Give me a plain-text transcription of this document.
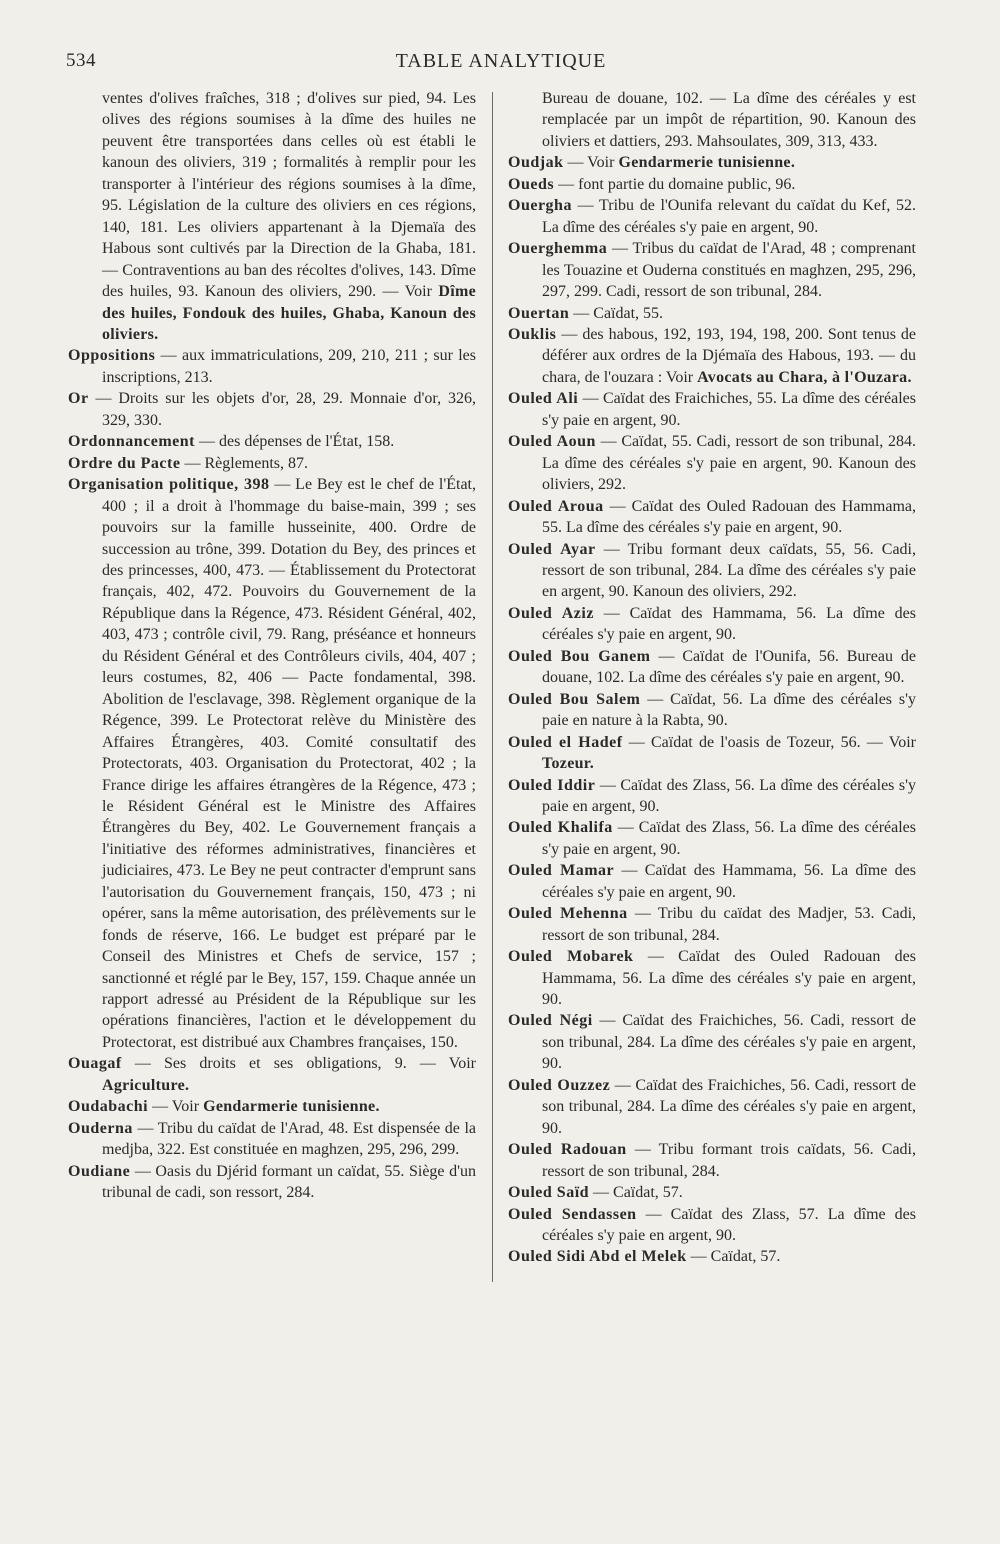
534	TABLE ANALYTIQUE

ventes d'olives fraîches, 318 ; d'olives sur pied, 94. Les olives des régions soumises à la dîme des huiles ne peuvent être transportées dans celles où est établi le kanoun des oliviers, 319 ; formalités à remplir pour les transporter à l'intérieur des régions soumises à la dîme, 95. Législation de la culture des oliviers en ces régions, 140, 181. Les oliviers appartenant à la Djemaïa des Habous sont cultivés par la Direction de la Ghaba, 181. — Contraventions au ban des récoltes d'olives, 143. Dîme des huiles, 93. Kanoun des oliviers, 290. — Voir Dîme des huiles, Fondouk des huiles, Ghaba, Kanoun des oliviers.

Oppositions — aux immatriculations, 209, 210, 211 ; sur les inscriptions, 213.

Or — Droits sur les objets d'or, 28, 29. Monnaie d'or, 326, 329, 330.

Ordonnancement — des dépenses de l'État, 158.

Ordre du Pacte — Règlements, 87.

Organisation politique, 398 — Le Bey est le chef de l'État, 400 ; il a droit à l'hommage du baise-main, 399 ; ses pouvoirs sur la famille husseinite, 400. Ordre de succession au trône, 399. Dotation du Bey, des princes et des princesses, 400, 473. — Établissement du Protectorat français, 402, 472. Pouvoirs du Gouvernement de la République dans la Régence, 473. Résident Général, 402, 403, 473 ; contrôle civil, 79. Rang, préséance et honneurs du Résident Général et des Contrôleurs civils, 404, 407 ; leurs costumes, 82, 406 — Pacte fondamental, 398. Abolition de l'esclavage, 398. Règlement organique de la Régence, 399. Le Protectorat relève du Ministère des Affaires Étrangères, 403. Comité consultatif des Protectorats, 403. Organisation du Protectorat, 402 ; la France dirige les affaires étrangères de la Régence, 473 ; le Résident Général est le Ministre des Affaires Étrangères du Bey, 402. Le Gouvernement français a l'initiative des réformes administratives, financières et judiciaires, 473. Le Bey ne peut contracter d'emprunt sans l'autorisation du Gouvernement français, 150, 473 ; ni opérer, sans la même autorisation, des prélèvements sur le fonds de réserve, 166. Le budget est préparé par le Conseil des Ministres et Chefs de service, 157 ; sanctionné et réglé par le Bey, 157, 159. Chaque année un rapport adressé au Président de la République sur les opérations financières, l'action et le développement du Protectorat, est distribué aux Chambres françaises, 150.

Ouagaf — Ses droits et ses obligations, 9. — Voir Agriculture.

Oudabachi — Voir Gendarmerie tunisienne.

Ouderna — Tribu du caïdat de l'Arad, 48. Est dispensée de la medjba, 322. Est constituée en maghzen, 295, 296, 299.

Oudiane — Oasis du Djérid formant un caïdat, 55. Siège d'un tribunal de cadi, son ressort, 284.

Bureau de douane, 102. — La dîme des céréales y est remplacée par un impôt de répartition, 90. Kanoun des oliviers et dattiers, 293. Mahsoulates, 309, 313, 433.

Oudjak — Voir Gendarmerie tunisienne.

Oueds — font partie du domaine public, 96.

Ouergha — Tribu de l'Ounifa relevant du caïdat du Kef, 52. La dîme des céréales s'y paie en argent, 90.

Ouerghemma — Tribus du caïdat de l'Arad, 48 ; comprenant les Touazine et Ouderna constitués en maghzen, 295, 296, 297, 299. Cadi, ressort de son tribunal, 284.

Ouertan — Caïdat, 55.

Ouklis — des habous, 192, 193, 194, 198, 200. Sont tenus de déférer aux ordres de la Djémaïa des Habous, 193. — du chara, de l'ouzara : Voir Avocats au Chara, à l'Ouzara.

Ouled Ali — Caïdat des Fraichiches, 55. La dîme des céréales s'y paie en argent, 90.

Ouled Aoun — Caïdat, 55. Cadi, ressort de son tribunal, 284. La dîme des céréales s'y paie en argent, 90. Kanoun des oliviers, 292.

Ouled Aroua — Caïdat des Ouled Radouan des Hammama, 55. La dîme des céréales s'y paie en argent, 90.

Ouled Ayar — Tribu formant deux caïdats, 55, 56. Cadi, ressort de son tribunal, 284. La dîme des céréales s'y paie en argent, 90. Kanoun des oliviers, 292.

Ouled Aziz — Caïdat des Hammama, 56. La dîme des céréales s'y paie en argent, 90.

Ouled Bou Ganem — Caïdat de l'Ounifa, 56. Bureau de douane, 102. La dîme des céréales s'y paie en argent, 90.

Ouled Bou Salem — Caïdat, 56. La dîme des céréales s'y paie en nature à la Rabta, 90.

Ouled el Hadef — Caïdat de l'oasis de Tozeur, 56. — Voir Tozeur.

Ouled Iddir — Caïdat des Zlass, 56. La dîme des céréales s'y paie en argent, 90.

Ouled Khalifa — Caïdat des Zlass, 56. La dîme des céréales s'y paie en argent, 90.

Ouled Mamar — Caïdat des Hammama, 56. La dîme des céréales s'y paie en argent, 90.

Ouled Mehenna — Tribu du caïdat des Madjer, 53. Cadi, ressort de son tribunal, 284.

Ouled Mobarek — Caïdat des Ouled Radouan des Hammama, 56. La dîme des céréales s'y paie en argent, 90.

Ouled Négi — Caïdat des Fraichiches, 56. Cadi, ressort de son tribunal, 284. La dîme des céréales s'y paie en argent, 90.

Ouled Ouzzez — Caïdat des Fraichiches, 56. Cadi, ressort de son tribunal, 284. La dîme des céréales s'y paie en argent, 90.

Ouled Radouan — Tribu formant trois caïdats, 56. Cadi, ressort de son tribunal, 284.

Ouled Saïd — Caïdat, 57.

Ouled Sendassen — Caïdat des Zlass, 57. La dîme des céréales s'y paie en argent, 90.

Ouled Sidi Abd el Melek — Caïdat, 57.
